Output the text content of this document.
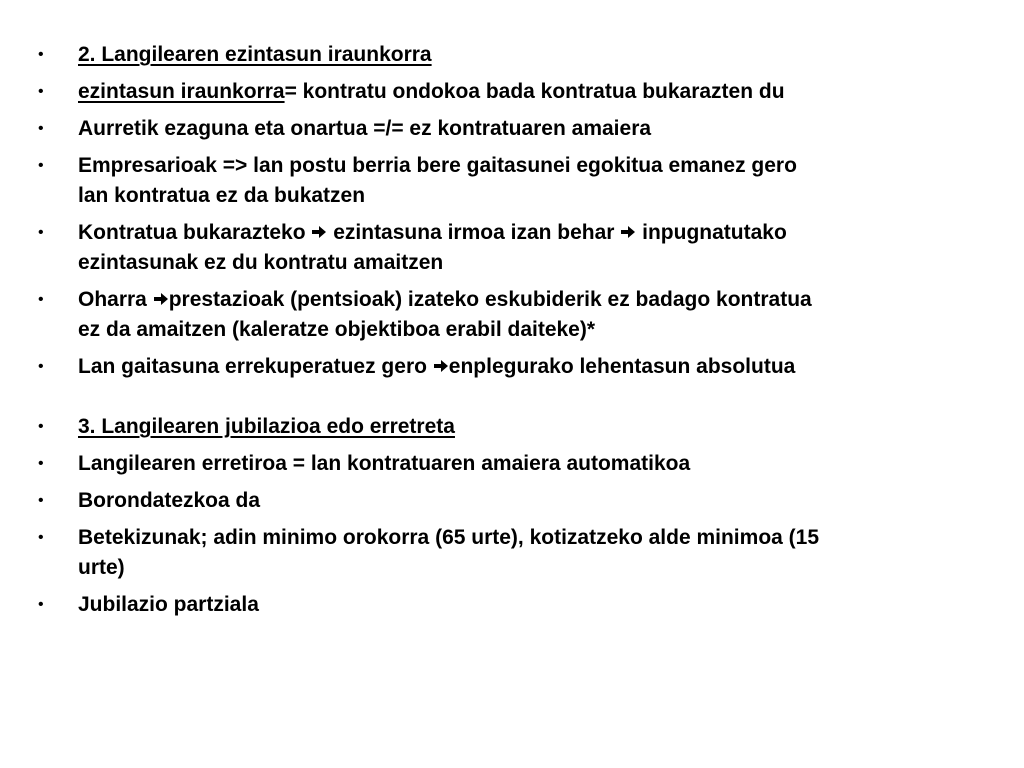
• 2. Langilearen ezintasun iraunkorra
• ezintasun iraunkorra= kontratu ondokoa bada kontratua bukarazten du
• Aurretik ezaguna eta onartua =/= ez kontratuaren amaiera
• Empresarioak => lan postu berria bere gaitasunei egokitua emanez gero
lan kontratua ez da bukatzen
• Kontratua bukarazteko
ezintasuna irmoa izan behar
inpugnatutako
ezintasunak ez du kontratu amaitzen
• Oharra
prestazioak (pentsioak) izateko eskubiderik ez badago kontratua
ez da amaitzen (kaleratze objektiboa erabil daiteke)*
• Lan gaitasuna errekuperatuez gero
enplegurako lehentasun absolutua
• 3. Langilearen jubilazioa edo erretreta
• Langilearen erretiroa = lan kontratuaren amaiera automatikoa
• Borondatezkoa da
• Betekizunak; adin minimo orokorra (65 urte), kotizatzeko alde minimoa (15
urte)
• Jubilazio partziala
